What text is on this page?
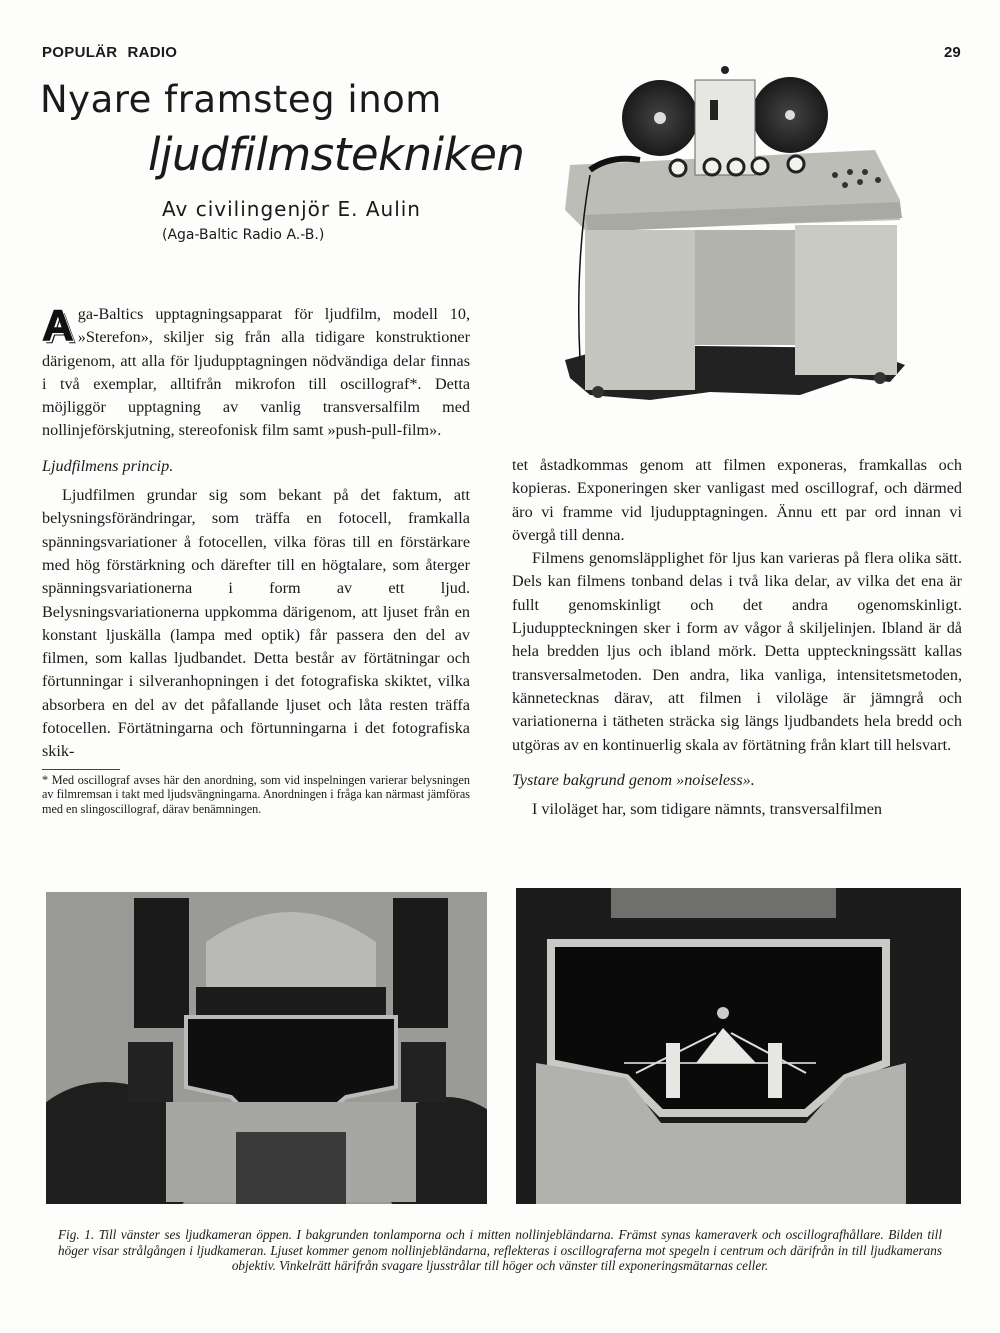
POPULÄR RADIO	29
Nyare framsteg inom
ljudfilmstekniken
Av civilingenjör E. Aulin
(Aga-Baltic Radio A.-B.)

Aga-Baltics upptagningsapparat för ljudfilm, modell 10, »Sterefon», skiljer sig från alla tidigare konstruktioner därigenom, att alla för ljudupptagningen nödvändiga delar finnas i två exemplar, alltifrån mikrofon till oscillograf*. Detta möjliggör upptagning av vanlig transversalfilm med nollinjeförskjutning, stereofonisk film samt »push-pull-film».

Ljudfilmens princip.

Ljudfilmen grundar sig som bekant på det faktum, att belysningsförändringar, som träffa en fotocell, framkalla spänningsvariationer å fotocellen, vilka föras till en förstärkare med hög förstärkning och därefter till en högtalare, som återger spänningsvariationerna i form av ett ljud. Belysningsvariationerna uppkomma därigenom, att ljuset från en konstant ljuskälla (lampa med optik) får passera den del av filmen, som kallas ljudbandet. Detta består av förtätningar och förtunningar i silveranhopningen i det fotografiska skiktet, vilka absorbera en del av det påfallande ljuset och låta resten träffa fotocellen. Förtätningarna och förtunningarna i det fotografiska skik-

* Med oscillograf avses här den anordning, som vid inspelningen varierar belysningen av filmremsan i takt med ljudsvängningarna. Anordningen i fråga kan närmast jämföras med en slingoscillograf, därav benämningen.

tet åstadkommas genom att filmen exponeras, framkallas och kopieras. Exponeringen sker vanligast med oscillograf, och därmed äro vi framme vid ljudupptagningen. Ännu ett par ord innan vi övergå till denna.

Filmens genomsläpplighet för ljus kan varieras på flera olika sätt. Dels kan filmens tonband delas i två lika delar, av vilka det ena är fullt genomskinligt och det andra ogenomskinligt. Ljuduppteckningen sker i form av vågor å skiljelinjen. Ibland är då hela bredden ljus och ibland mörk. Detta uppteckningssätt kallas transversalmetoden. Den andra, lika vanliga, intensitetsmetoden, kännetecknas därav, att filmen i viloläge är jämngrå och variationerna i tätheten sträcka sig längs ljudbandets hela bredd och utgöras av en kontinuerlig skala av förtätning från klart till helsvart.

Tystare bakgrund genom »noiseless».

I viloläget har, som tidigare nämnts, transversalfilmen

Fig. 1. Till vänster ses ljudkameran öppen. I bakgrunden tonlamporna och i mitten nollinjebländarna. Främst synas kameraverk och oscillografhållare. Bilden till höger visar strålgången i ljudkameran. Ljuset kommer genom nollinjebländarna, reflekteras i oscillograferna mot spegeln i centrum och därifrån in till ljudkamerans objektiv. Vinkelrätt härifrån svagare ljusstrålar till höger och vänster till exponeringsmätarnas celler.
